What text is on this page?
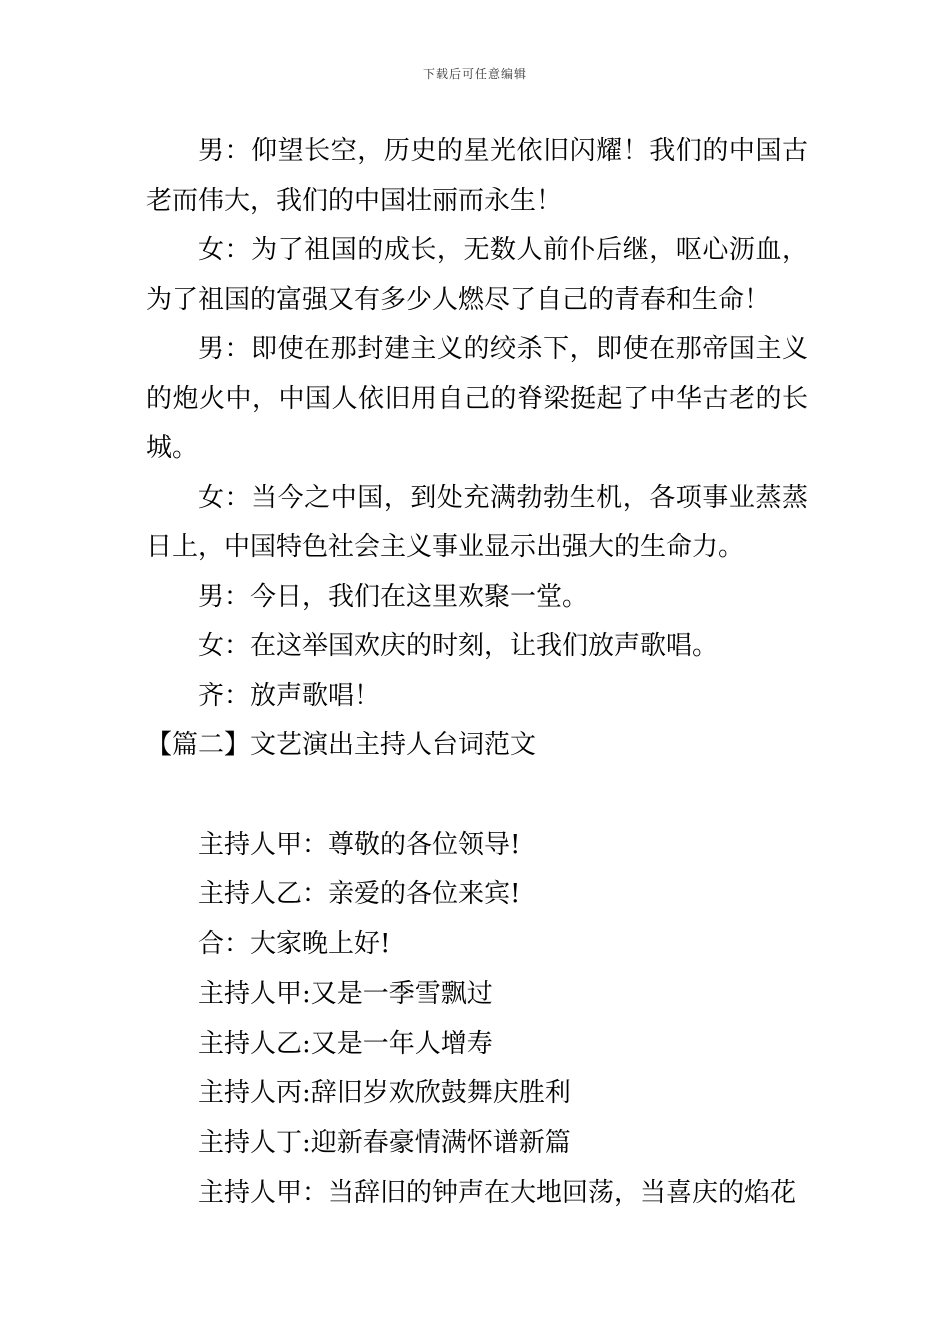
下载后可任意编辑

男：仰望长空，历史的星光依旧闪耀！我们的中国古老而伟大，我们的中国壮丽而永生！

女：为了祖国的成长，无数人前仆后继，呕心沥血，为了祖国的富强又有多少人燃尽了自己的青春和生命！

男：即使在那封建主义的绞杀下，即使在那帝国主义的炮火中，中国人依旧用自己的脊梁挺起了中华古老的长城。

女：当今之中国，到处充满勃勃生机，各项事业蒸蒸日上，中国特色社会主义事业显示出强大的生命力。

男：今日，我们在这里欢聚一堂。

女：在这举国欢庆的时刻，让我们放声歌唱。

齐：放声歌唱！

【篇二】文艺演出主持人台词范文

主持人甲：尊敬的各位领导!

主持人乙：亲爱的各位来宾!

合：大家晚上好!

主持人甲:又是一季雪飘过

主持人乙:又是一年人增寿

主持人丙:辞旧岁欢欣鼓舞庆胜利

主持人丁:迎新春豪情满怀谱新篇

主持人甲：当辞旧的钟声在大地回荡，当喜庆的焰花
